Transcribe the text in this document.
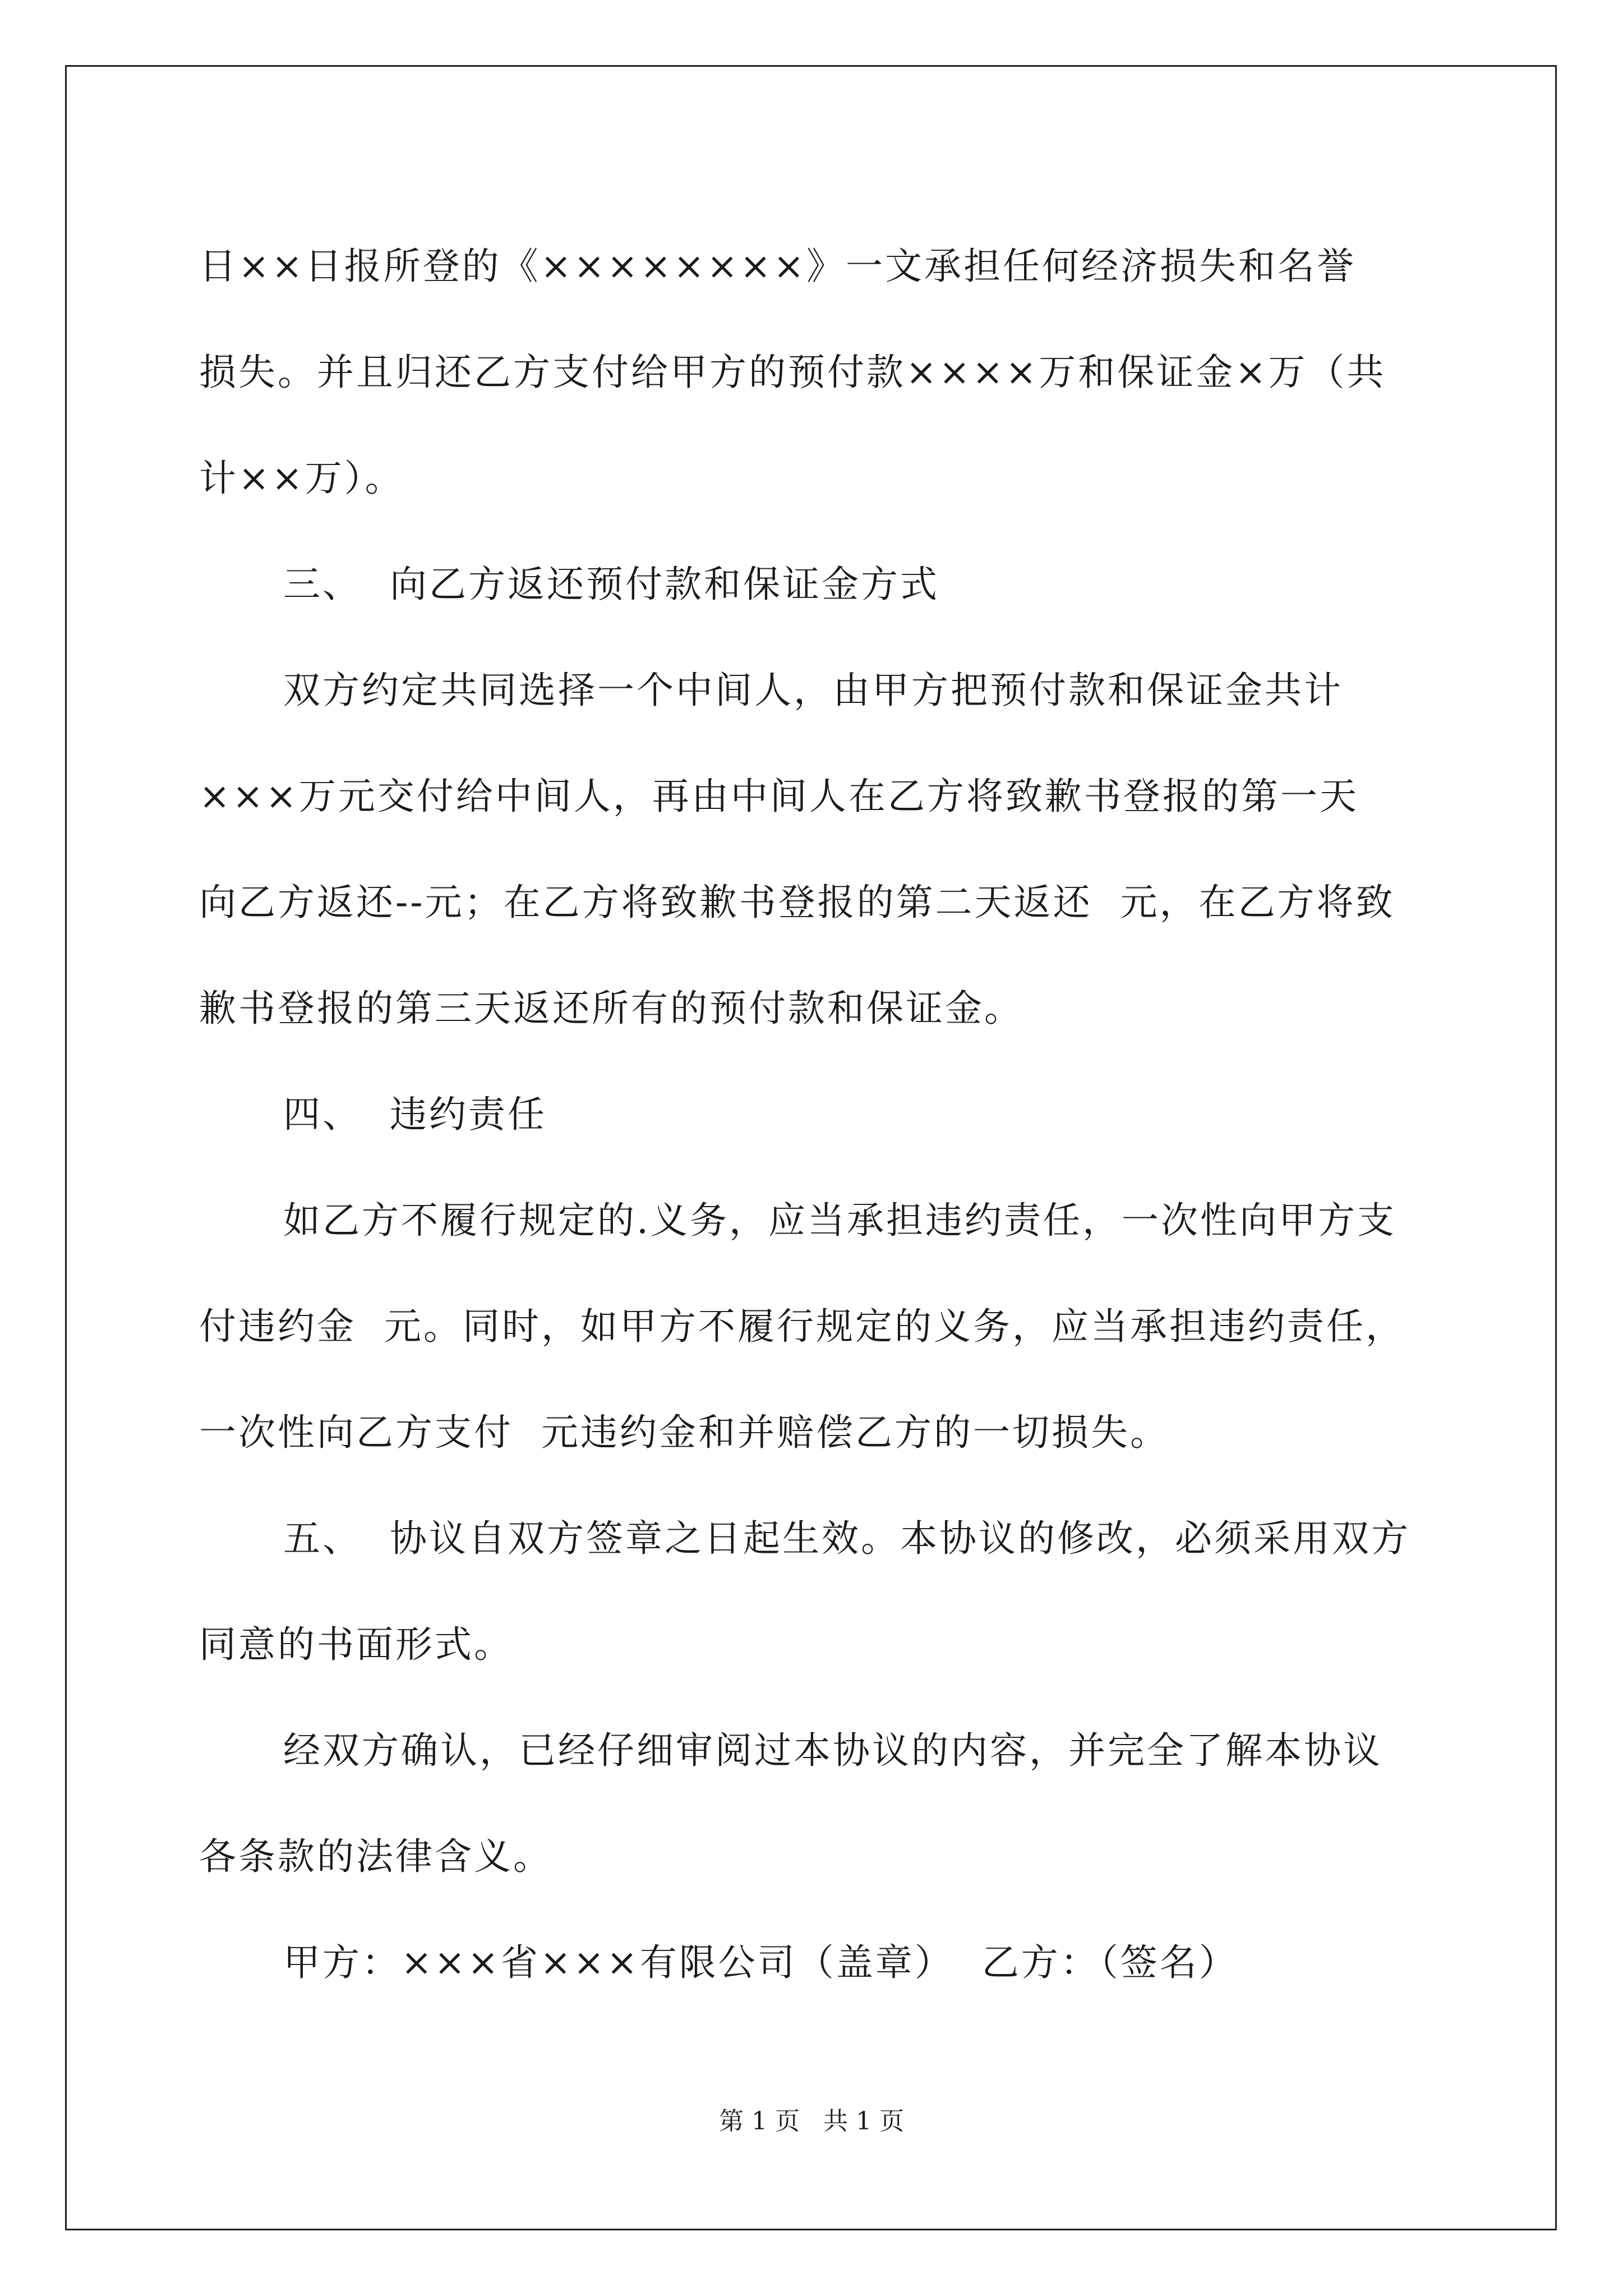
日××日报所登的《××××××××》一文承担任何经济损失和名誉
损失。并且归还乙方支付给甲方的预付款××××万和保证金×万（共
计××万）。
三、  向乙方返还预付款和保证金方式
双方约定共同选择一个中间人，由甲方把预付款和保证金共计
×××万元交付给中间人，再由中间人在乙方将致歉书登报的第一天
向乙方返还--元；在乙方将致歉书登报的第二天返还  元，在乙方将致
歉书登报的第三天返还所有的预付款和保证金。
四、  违约责任
如乙方不履行规定的.义务，应当承担违约责任，一次性向甲方支
付违约金  元。同时，如甲方不履行规定的义务，应当承担违约责任，
一次性向乙方支付  元违约金和并赔偿乙方的一切损失。
五、  协议自双方签章之日起生效。本协议的修改，必须采用双方
同意的书面形式。
经双方确认，已经仔细审阅过本协议的内容，并完全了解本协议
各条款的法律含义。
甲方：×××省×××有限公司（盖章）  乙方：（签名）
第 1 页   共 1 页
